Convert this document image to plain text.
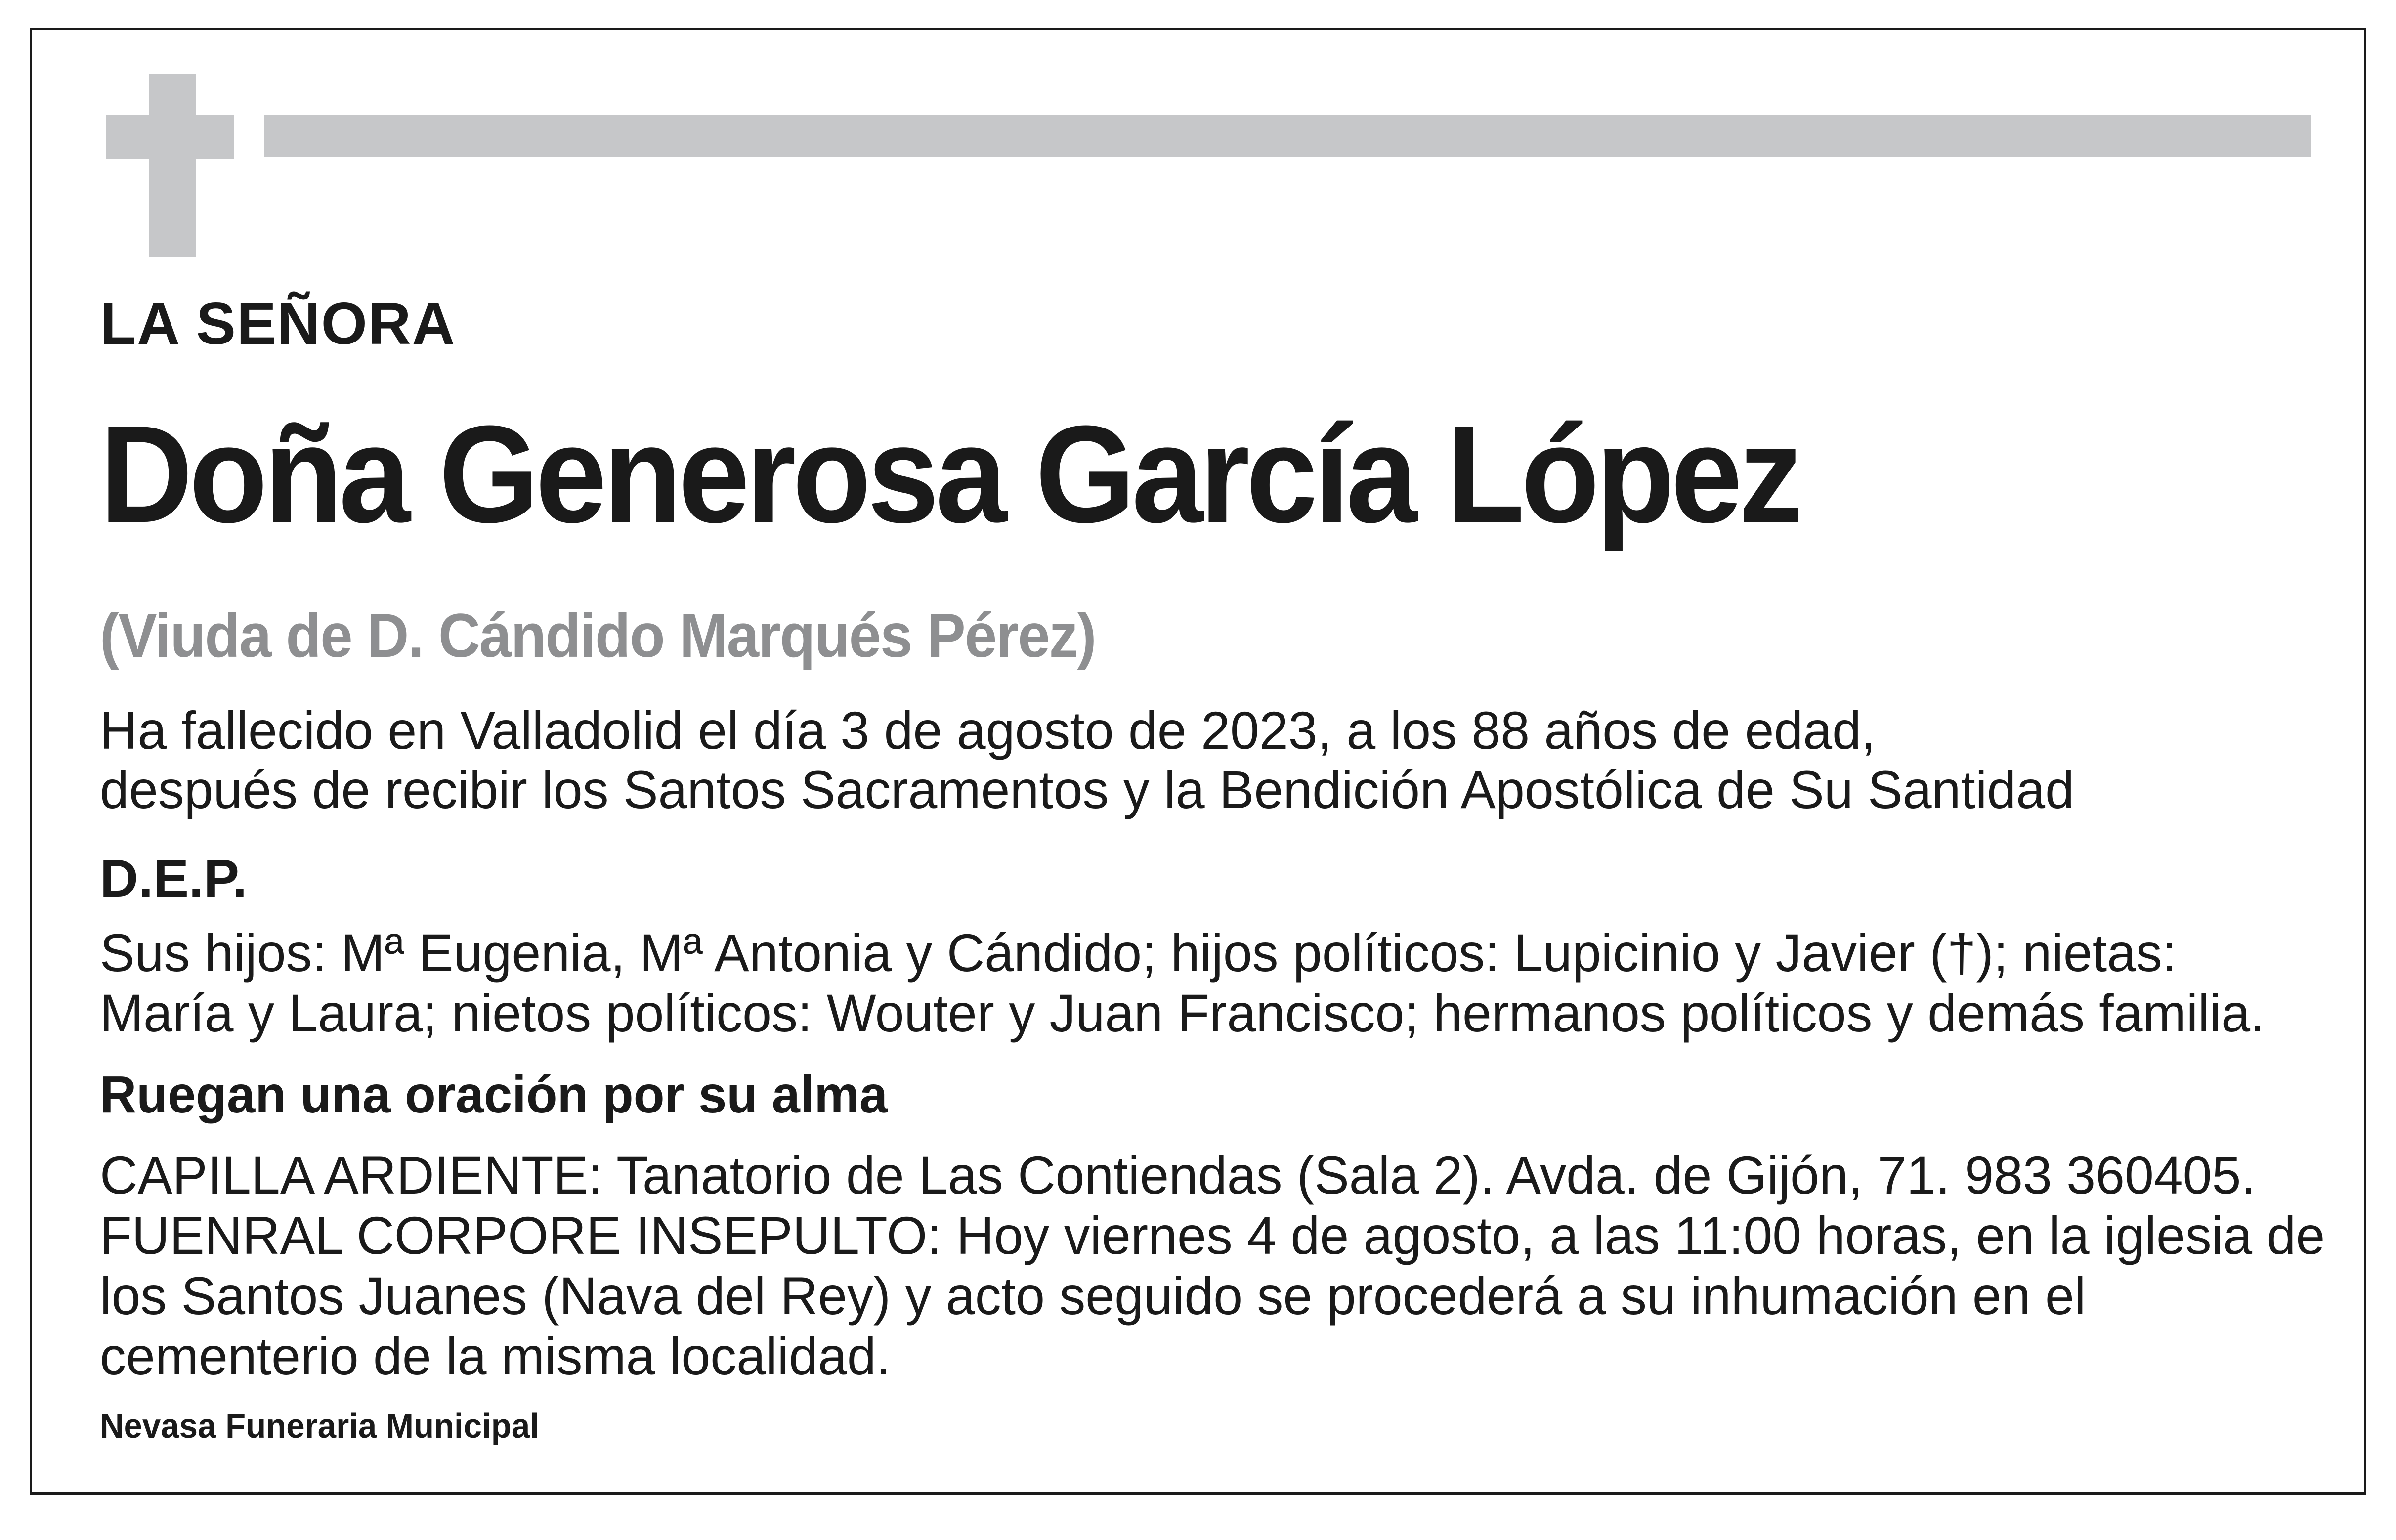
LA SEÑORA

Doña Generosa García López

(Viuda de D. Cándido Marqués Pérez)

Ha fallecido en Valladolid el día 3 de agosto de 2023, a los 88 años de edad,

después de recibir los Santos Sacramentos y la Bendición Apostólica de Su Santidad

D.E.P.

Sus hijos: Mª Eugenia, Mª Antonia y Cándido; hijos políticos: Lupicinio y Javier (†); nietas:

María y Laura; nietos políticos: Wouter y Juan Francisco; hermanos políticos y demás familia.

Ruegan una oración por su alma

CAPILLA ARDIENTE: Tanatorio de Las Contiendas (Sala 2). Avda. de Gijón, 71. 983 360405.

FUENRAL CORPORE INSEPULTO: Hoy viernes 4 de agosto, a las 11:00 horas, en la iglesia de

los Santos Juanes (Nava del Rey) y acto seguido se procederá a su inhumación en el

cementerio de la misma localidad.

Nevasa Funeraria Municipal
